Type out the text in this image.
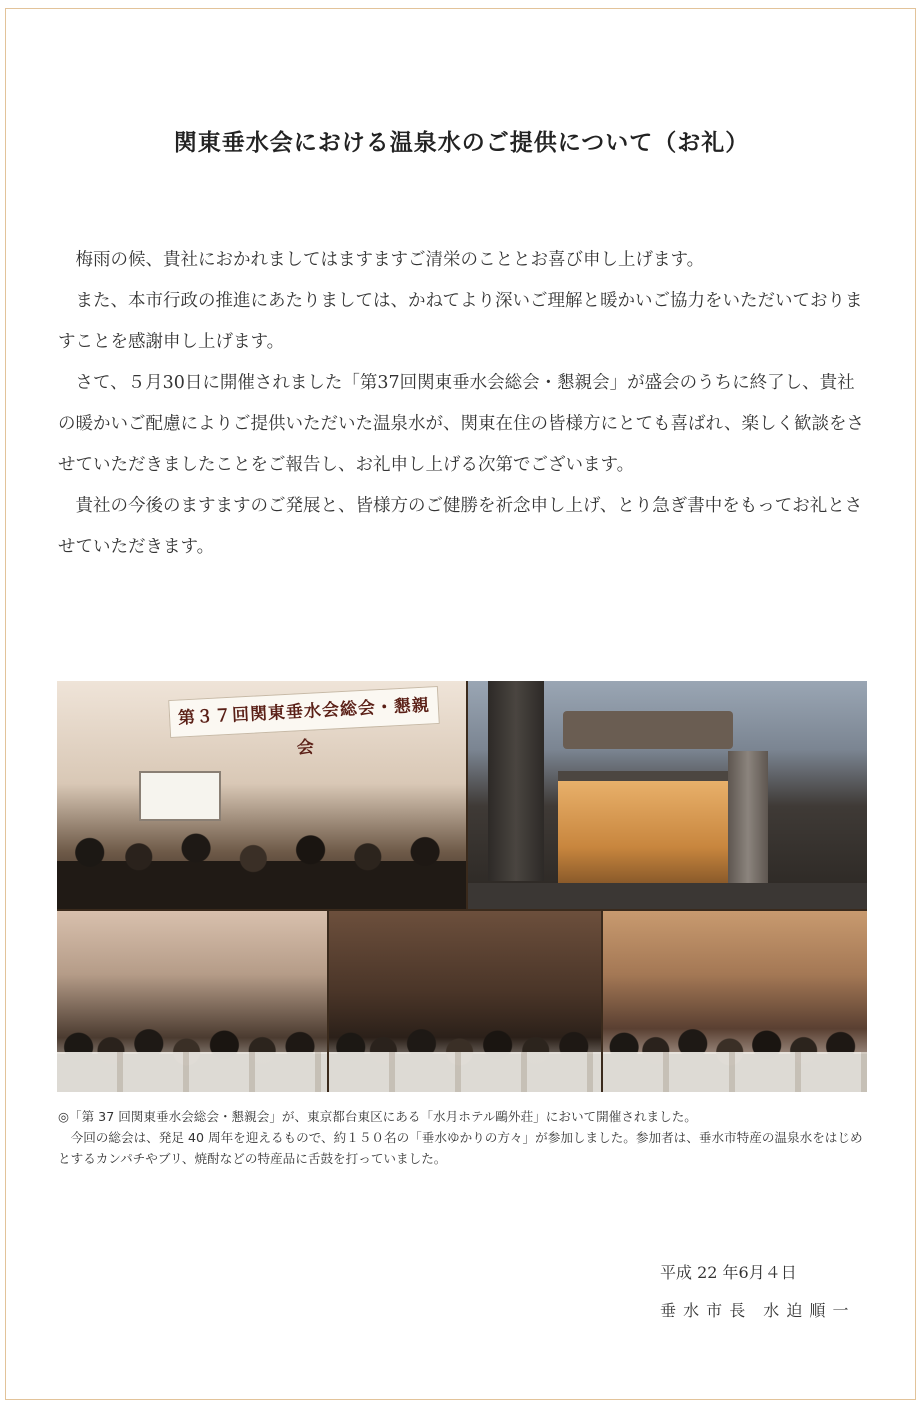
関東垂水会における温泉水のご提供について（お礼）

梅雨の候、貴社におかれましてはますますご清栄のこととお喜び申し上げます。

また、本市行政の推進にあたりましては、かねてより深いご理解と暖かいご協力をいただいておりますことを感謝申し上げます。

さて、５月30日に開催されました「第37回関東垂水会総会・懇親会」が盛会のうちに終了し、貴社の暖かいご配慮によりご提供いただいた温泉水が、関東在住の皆様方にとても喜ばれ、楽しく歓談をさせていただきましたことをご報告し、お礼申し上げる次第でございます。

貴社の今後のますますのご発展と、皆様方のご健勝を祈念申し上げ、とり急ぎ書中をもってお礼とさせていただきます。

第３７回関東垂水会総会・懇親会

◎「第 37 回関東垂水会総会・懇親会」が、東京都台東区にある「水月ホテル鷗外荘」において開催されました。

今回の総会は、発足 40 周年を迎えるもので、約１５０名の「垂水ゆかりの方々」が参加しました。参加者は、垂水市特産の温泉水をはじめとするカンパチやブリ、焼酎などの特産品に舌鼓を打っていました。

平成 22 年6月４日
垂 水 市 長　水 迫 順 一
